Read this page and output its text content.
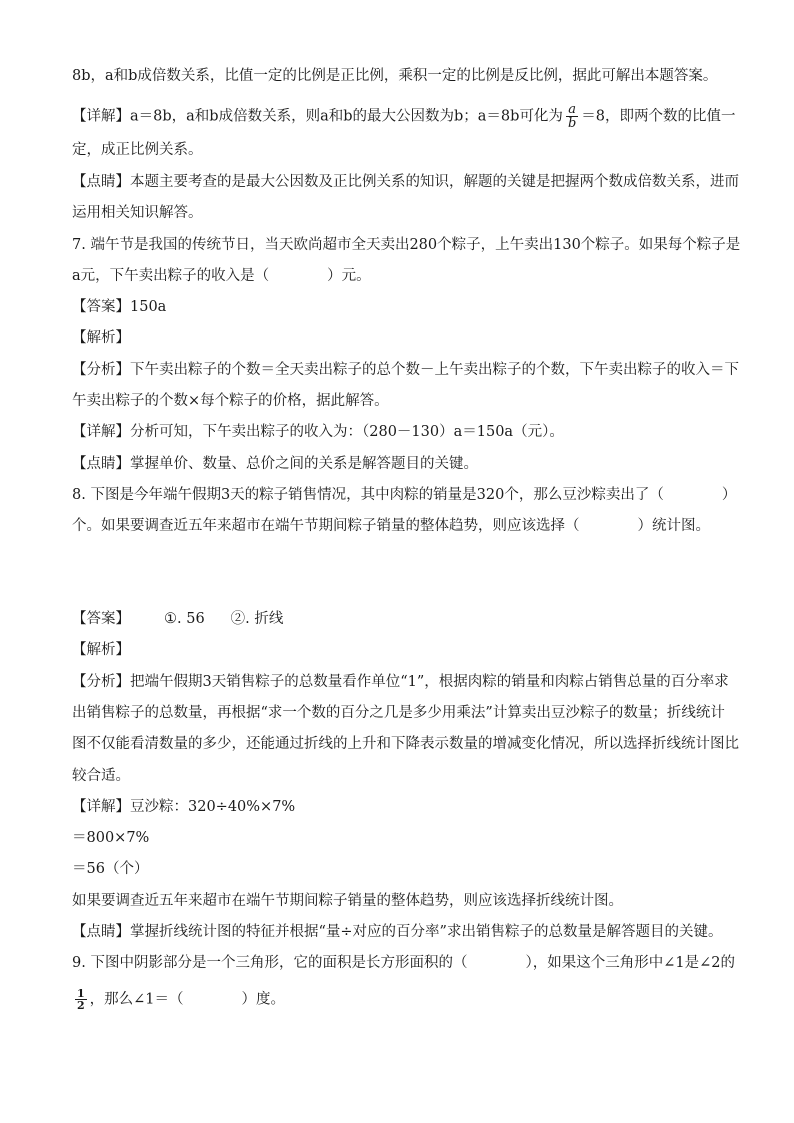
8b，a和b成倍数关系，比值一定的比例是正比例，乘积一定的比例是反比例，据此可解出本题答案。
【详解】a＝8b，a和b成倍数关系，则a和b的最大公因数为b；a＝8b可化为 $\frac{a}{b} =8$，即两个数的比值一
定，成正比例关系。
【点睛】本题主要考查的是最大公因数及正比例关系的知识，解题的关键是把握两个数成倍数关系，进而
运用相关知识解答。
7. 端午节是我国的传统节日，当天欧尚超市全天卖出280个粽子，上午卖出130个粽子。如果每个粽子是
a元，下午卖出粽子的收入是（　　　　）元。
【答案】150a
【解析】
【分析】下午卖出粽子的个数＝全天卖出粽子的总个数－上午卖出粽子的个数，下午卖出粽子的收入＝下
午卖出粽子的个数×每个粽子的价格，据此解答。
【详解】分析可知，下午卖出粽子的收入为：（280－130）a＝150a（元）。
【点睛】掌握单价、数量、总价之间的关系是解答题目的关键。
8. 下图是今年端午假期3天的粽子销售情况，其中肉粽的销量是320个，那么豆沙粽卖出了（　　　　）
个。如果要调查近五年来超市在端午节期间粽子销量的整体趋势，则应该选择（　　　　）统计图。
【答案】 ①. 56 ②. 折线
【解析】
【分析】把端午假期3天销售粽子的总数量看作单位“1”，根据肉粽的销量和肉粽占销售总量的百分率求
出销售粽子的总数量，再根据“求一个数的百分之几是多少用乘法”计算卖出豆沙粽子的数量；折线统计
图不仅能看清数量的多少，还能通过折线的上升和下降表示数量的增减变化情况，所以选择折线统计图比
较合适。
【详解】豆沙粽：320÷40%×7%
＝800×7%
＝56（个）
如果要调查近五年来超市在端午节期间粽子销量的整体趋势，则应该选择折线统计图。
【点睛】掌握折线统计图的特征并根据“量÷对应的百分率”求出销售粽子的总数量是解答题目的关键。
9. 下图中阴影部分是一个三角形，它的面积是长方形面积的（　　　　），如果这个三角形中∠1是∠2的
$\frac{1}{2}$ ，那么∠1＝（　　　　）度。
